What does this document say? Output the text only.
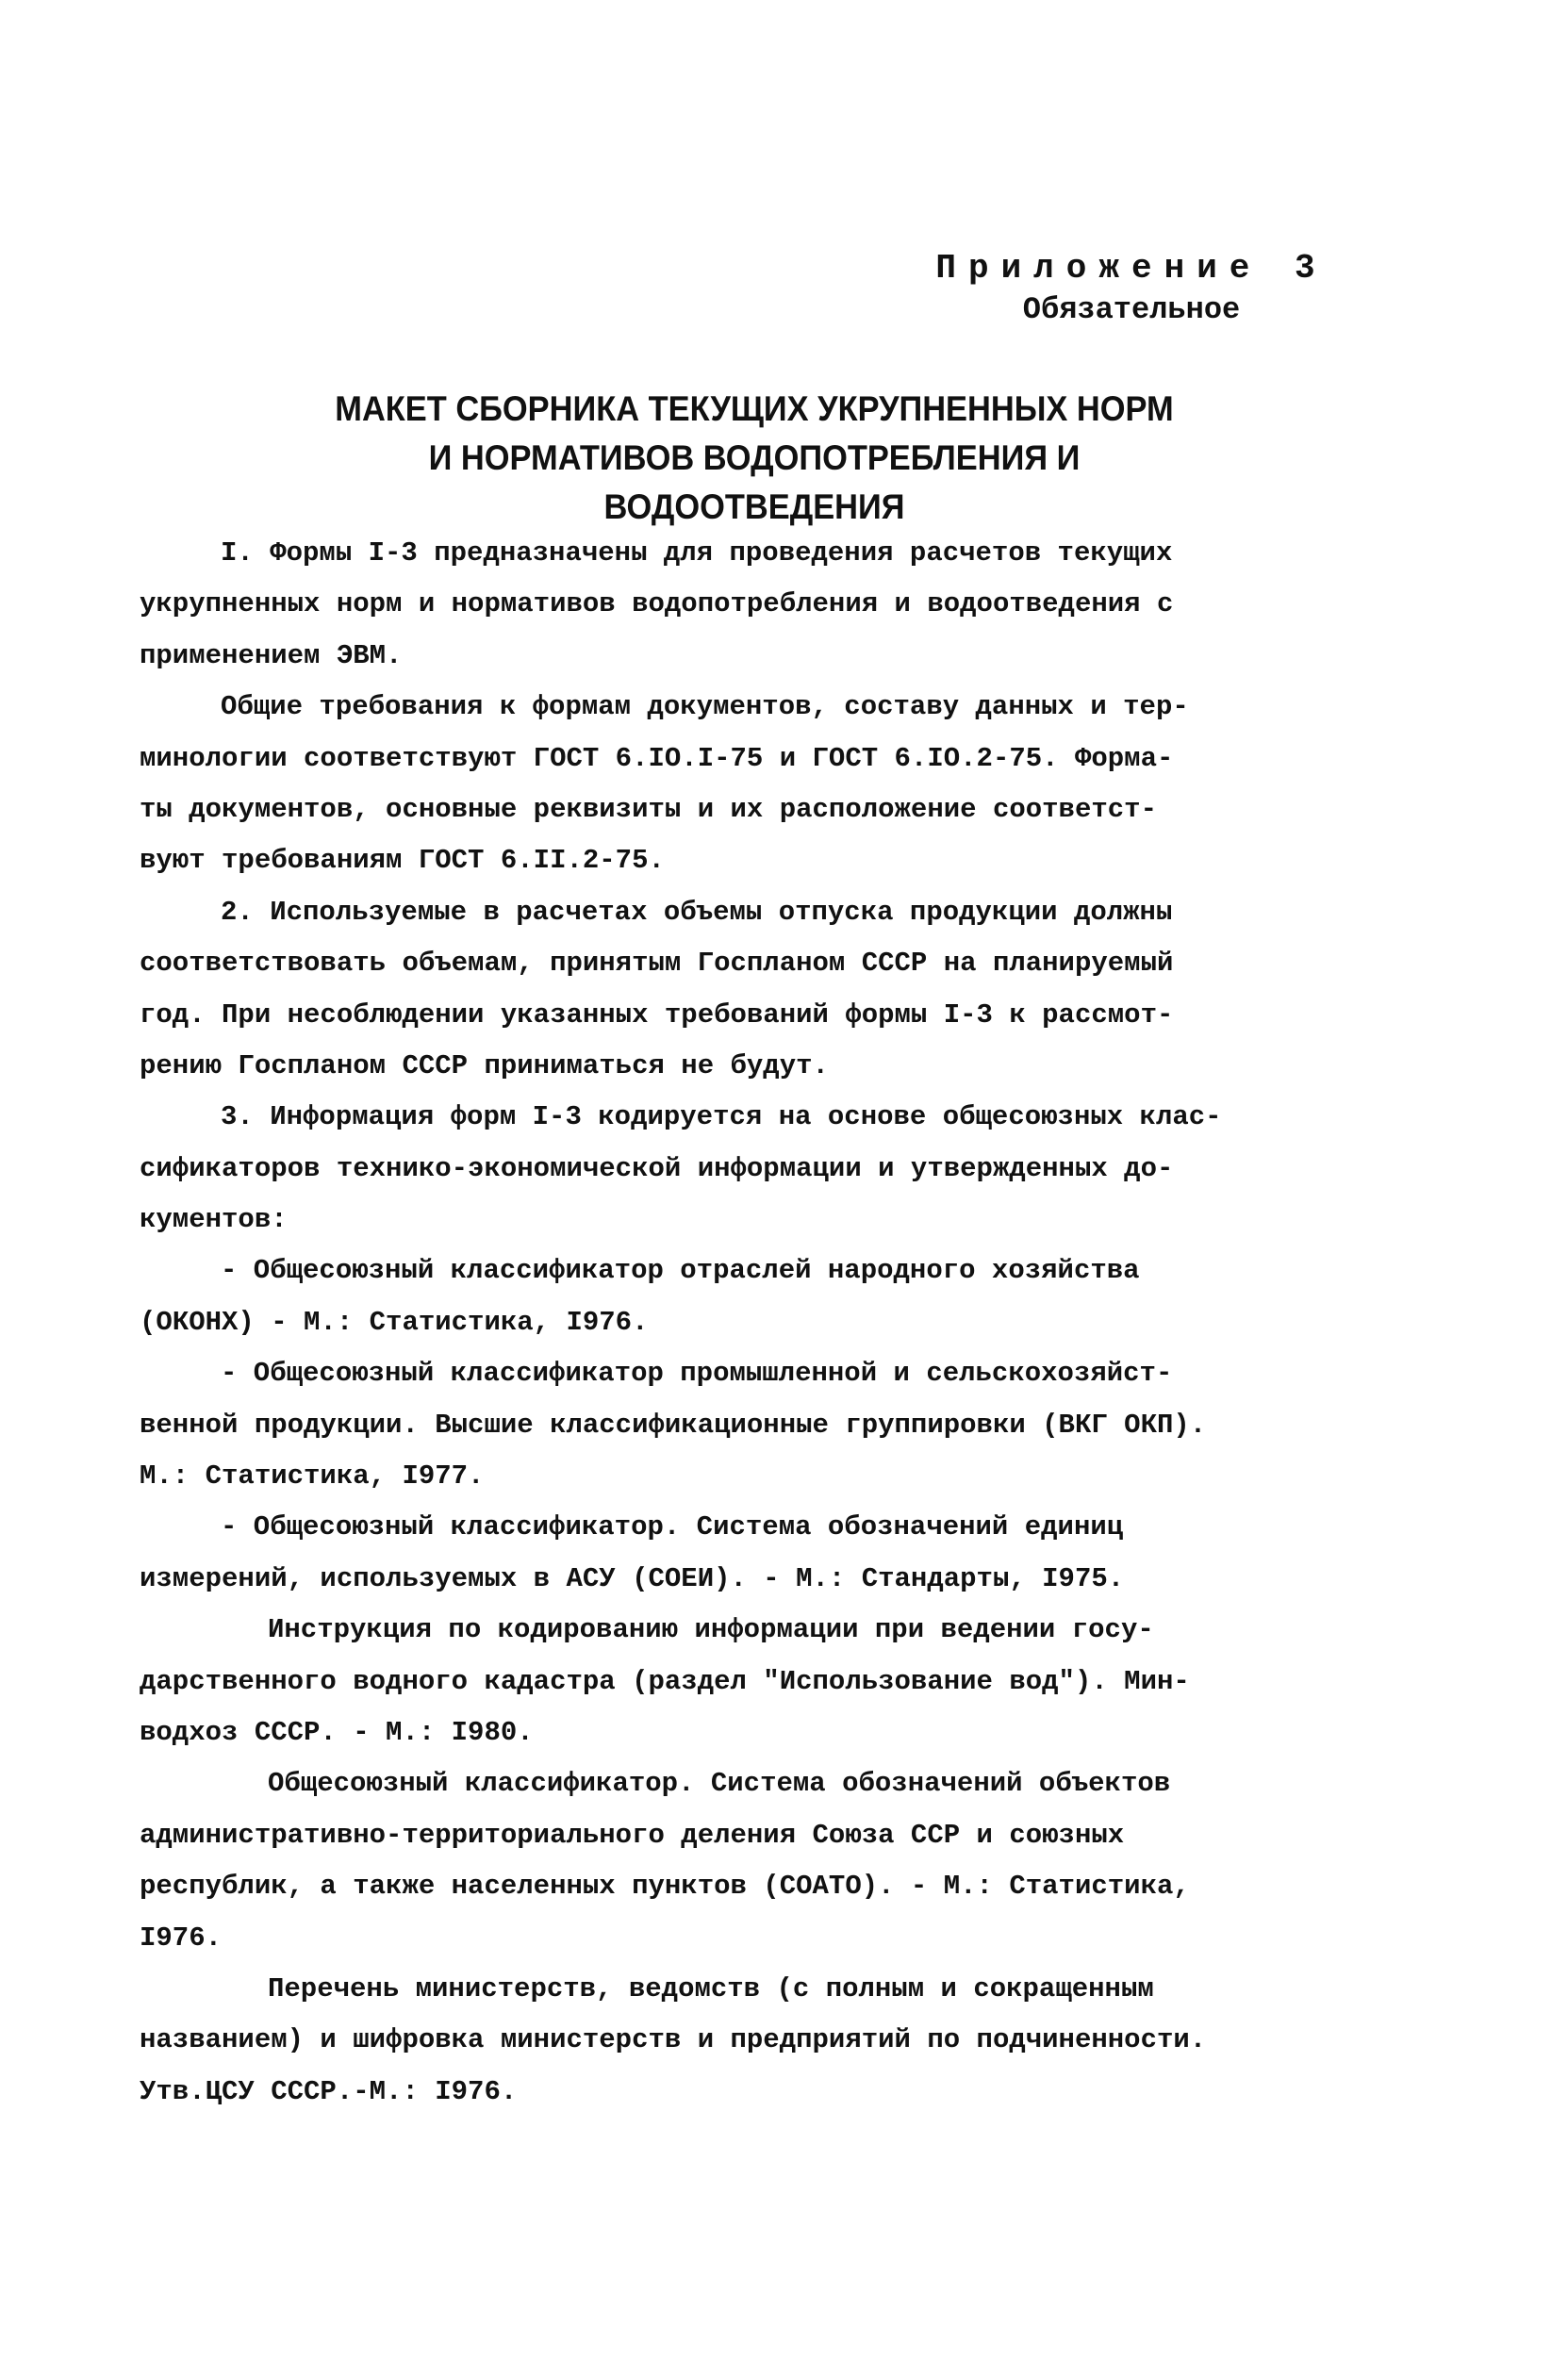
Приложение 3
Обязательное
МАКЕТ СБОРНИКА ТЕКУЩИХ УКРУПНЕННЫХ НОРМ
И НОРМАТИВОВ ВОДОПОТРЕБЛЕНИЯ И ВОДООТВЕДЕНИЯ
I. Формы I-3 предназначены для проведения расчетов текущих
укрупненных норм и нормативов водопотребления и водоотведения с
применением ЭВМ.
Общие требования к формам документов, составу данных и тер-
минологии соответствуют ГОСТ 6.IO.I-75 и ГОСТ 6.IO.2-75. Форма-
ты документов, основные реквизиты и их расположение соответст-
вуют требованиям ГОСТ 6.II.2-75.
2. Используемые в расчетах объемы отпуска продукции должны
соответствовать объемам, принятым Госпланом СССР на планируемый
год. При несоблюдении указанных требований формы I-3 к рассмот-
рению Госпланом СССР приниматься не будут.
3. Информация форм I-3 кодируется на основе общесоюзных клас-
сификаторов технико-экономической информации и утвержденных до-
кументов:
- Общесоюзный классификатор отраслей народного хозяйства
(ОКОНХ) - М.: Статистика, I976.
- Общесоюзный классификатор промышленной и сельскохозяйст-
венной продукции. Высшие классификационные группировки (ВКГ ОКП).
М.: Статистика, I977.
- Общесоюзный классификатор. Система обозначений единиц
измерений, используемых в АСУ (СОЕИ). - М.: Стандарты, I975.
Инструкция по кодированию информации при ведении госу-
дарственного водного кадастра (раздел "Использование вод"). Мин-
водхоз СССР. - М.: I980.
Общесоюзный классификатор. Система обозначений объектов
административно-территориального деления Союза ССР и союзных
республик, а также населенных пунктов (СОАТО). - М.: Статистика,
I976.
Перечень министерств, ведомств (с полным и сокращенным
названием) и шифровка министерств и предприятий по подчиненности.
Утв.ЦСУ СССР.-М.: I976.
